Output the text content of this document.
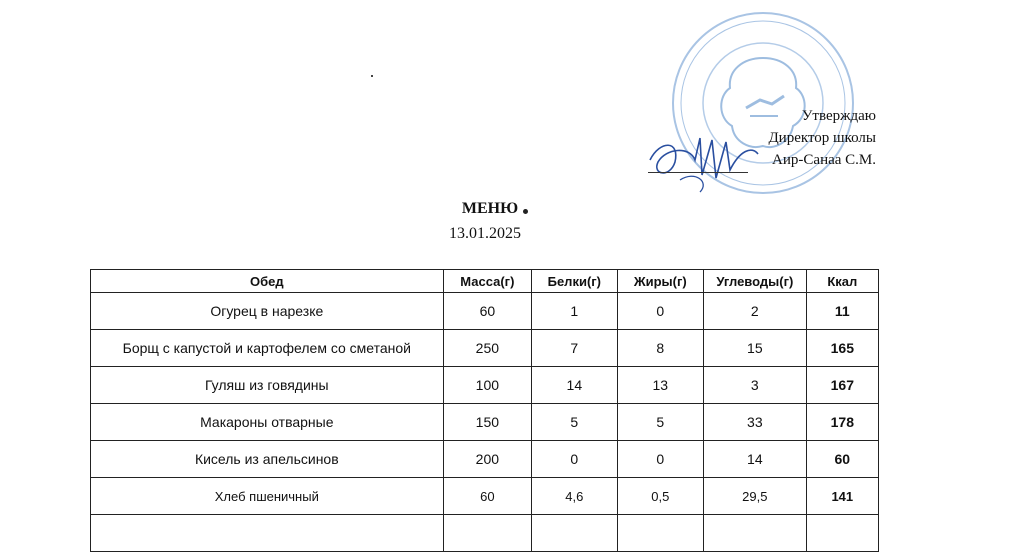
Утверждаю
Директор школы
Аир-Санаа С.М.
МЕНЮ
13.01.2025
Обед	Масса(г)	Белки(г)	Жиры(г)	Углеводы(г)	Ккал
Огурец в нарезке	60	1	0	2	11
Борщ с капустой и картофелем со сметаной	250	7	8	15	165
Гуляш из говядины	100	14	13	3	167
Макароны отварные	150	5	5	33	178
Кисель из апельсинов	200	0	0	14	60
Хлеб пшеничный	60	4,6	0,5	29,5	141
